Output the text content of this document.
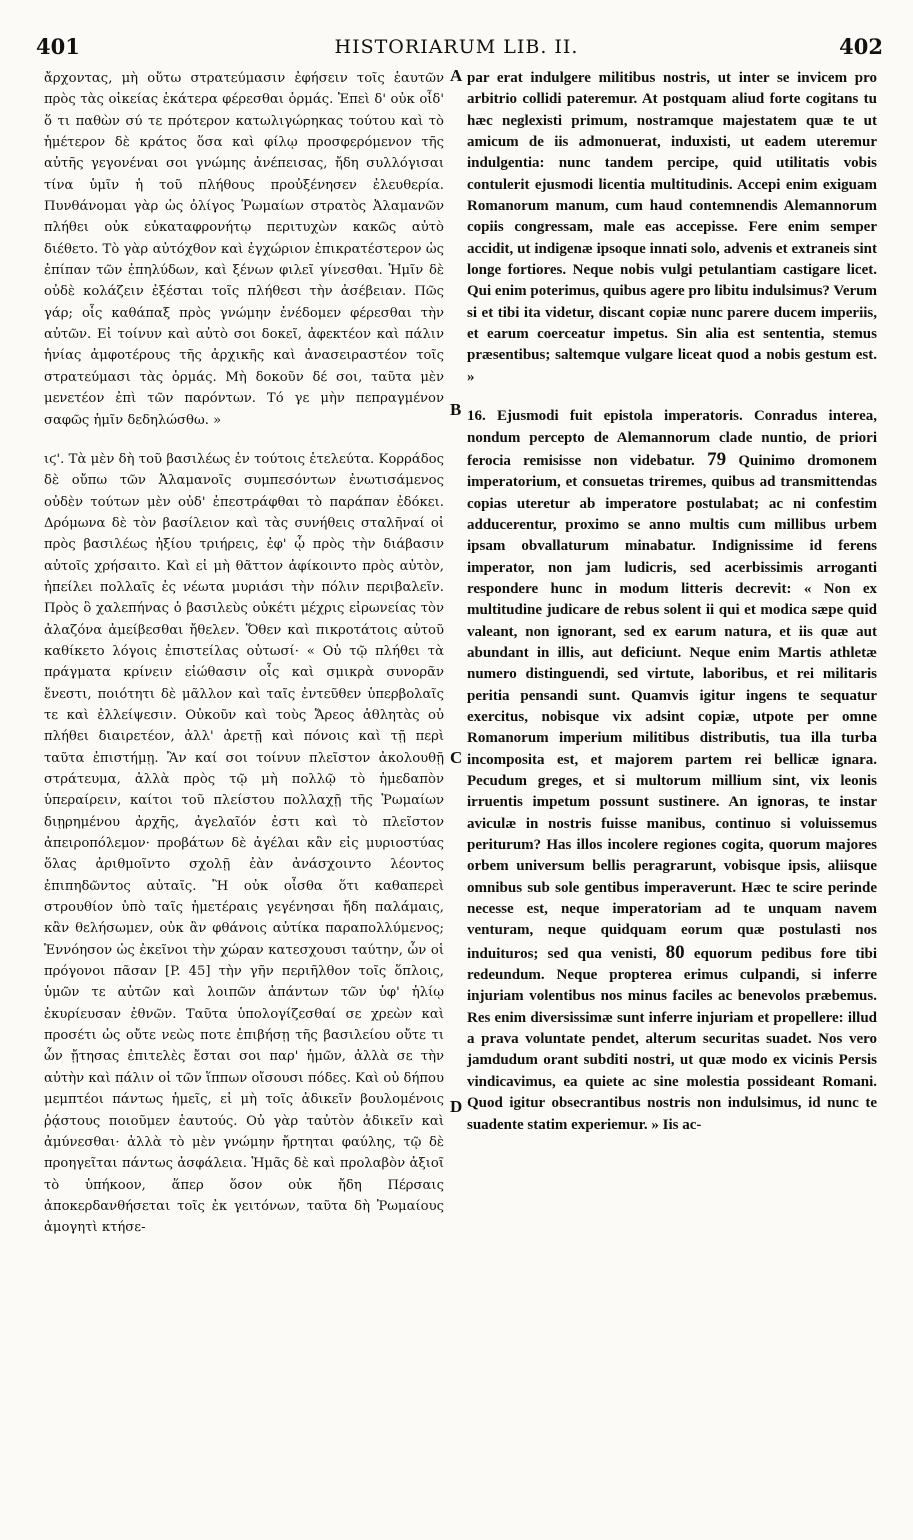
401	HISTORIARUM LIB. II.	402

ἄρχοντας, μὴ οὕτω στρατεύμασιν ἐφήσειν τοῖς ἑαυτῶν πρὸς τὰς οἰκείας ἑκάτερα φέρεσθαι ὁρμάς. Ἐπεὶ δ' οὐκ οἶδ' ὅ τι παθὼν σύ τε πρότερον κατωλιγώρηκας τούτου καὶ τὸ ἡμέτερον δὲ κράτος ὅσα καὶ φίλῳ προσφερόμενον τῆς αὐτῆς γεγονέναι σοι γνώμης ἀνέπεισας, ἤδη συλλόγισαι τίνα ὑμῖν ἡ τοῦ πλήθους προὐξένησεν ἐλευθερία. Πυνθάνομαι γὰρ ὡς ὀλίγος Ῥωμαίων στρατὸς Ἀλαμανῶν πλήθει οὐκ εὐκαταφρονήτῳ περιτυχὼν κακῶς αὐτὸ διέθετο. Τὸ γὰρ αὐτόχθον καὶ ἐγχώριον ἐπικρατέστερον ὡς ἐπίπαν τῶν ἐπηλύδων, καὶ ξένων φιλεῖ γίνεσθαι. Ἡμῖν δὲ οὐδὲ κολάζειν ἐξέσται τοῖς πλήθεσι τὴν ἀσέβειαν. Πῶς γάρ; οἷς καθάπαξ πρὸς γνώμην ἐνέδομεν φέρεσθαι τὴν αὐτῶν. Εἰ τοίνυν καὶ αὐτὸ σοι δοκεῖ, ἀφεκτέον καὶ πάλιν ἡνίας ἀμφοτέρους τῆς ἀρχικῆς καὶ ἀνασειραστέον τοῖς στρατεύμασι τὰς ὁρμάς. Μὴ δοκοῦν δέ σοι, ταῦτα μὲν μενετέον ἐπὶ τῶν παρόντων. Τό γε μὴν πεπραγμένον σαφῶς ἡμῖν δεδηλώσθω. »

ιϛ'. Τὰ μὲν δὴ τοῦ βασιλέως ἐν τούτοις ἐτελεύτα. Κορράδος δὲ οὔπω τῶν Ἀλαμανοῖς συμπεσόντων ἐνωτισάμενος οὐδὲν τούτων μὲν οὐδ' ἐπεστράφθαι τὸ παράπαν ἐδόκει. Δρόμωνα δὲ τὸν βασίλειον καὶ τὰς συνήθεις σταλῆναί οἱ πρὸς βασιλέως ἠξίου τριήρεις, ἐφ' ᾧ πρὸς τὴν διάβασιν αὐτοῖς χρήσαιτο. Καὶ εἰ μὴ θᾶττον ἀφίκοιντο πρὸς αὐτὸν, ἠπείλει πολλαῖς ἐς νέωτα μυριάσι τὴν πόλιν περιβαλεῖν. Πρὸς ὃ χαλεπήνας ὁ βασιλεὺς οὐκέτι μέχρις εἰρωνείας τὸν ἀλαζόνα ἀμείβεσθαι ἤθελεν. Ὅθεν καὶ πικροτάτοις αὐτοῦ καθίκετο λόγοις ἐπιστείλας οὑτωσί· « Οὐ τῷ πλήθει τὰ πράγματα κρίνειν εἰώθασιν οἷς καὶ σμικρὰ συνορᾶν ἔνεστι, ποιότητι δὲ μᾶλλον καὶ ταῖς ἐντεῦθεν ὑπερβολαῖς τε καὶ ἐλλείψεσιν. Οὐκοῦν καὶ τοὺς Ἄρεος ἀθλητὰς οὐ πλήθει διαιρετέον, ἀλλ' ἀρετῇ καὶ πόνοις καὶ τῇ περὶ ταῦτα ἐπιστήμῃ. Ἂν καί σοι τοίνυν πλεῖστον ἀκολουθῇ στράτευμα, ἀλλὰ πρὸς τῷ μὴ πολλῷ τὸ ἡμεδαπὸν ὑπεραίρειν, καίτοι τοῦ πλείστου πολλαχῇ τῆς Ῥωμαίων διῃρημένου ἀρχῆς, ἀγελαῖόν ἐστι καὶ τὸ πλεῖστον ἀπειροπόλεμον· προβάτων δὲ ἀγέλαι κἂν εἰς μυριοστύας ὅλας ἀριθμοῖντο σχολῇ ἐὰν ἀνάσχοιντο λέοντος ἐπιπηδῶντος αὐταῖς. Ἢ οὐκ οἶσθα ὅτι καθαπερεὶ στρουθίον ὑπὸ ταῖς ἡμετέραις γεγένησαι ἤδη παλάμαις, κἂν θελήσωμεν, οὐκ ἂν φθάνοις αὐτίκα παραπολλύμενος; Ἐννόησον ὡς ἐκεῖνοι τὴν χώραν κατεσχουσι ταύτην, ὧν οἱ πρόγονοι πᾶσαν [P. 45] τὴν γῆν περιῆλθον τοῖς ὅπλοις, ὑμῶν τε αὐτῶν καὶ λοιπῶν ἁπάντων τῶν ὑφ' ἡλίῳ ἐκυρίευσαν ἐθνῶν. Ταῦτα ὑπολογίζεσθαί σε χρεὼν καὶ προσέτι ὡς οὔτε νεὼς ποτε ἐπιβήσῃ τῆς βασιλείου οὔτε τι ὧν ᾔτησας ἐπιτελὲς ἔσται σοι παρ' ἡμῶν, ἀλλὰ σε τὴν αὐτὴν καὶ πάλιν οἱ τῶν ἵππων οἴσουσι πόδες. Καὶ οὐ δήπου μεμπτέοι πάντως ἡμεῖς, εἰ μὴ τοῖς ἀδικεῖν βουλομένοις ῥᾴστους ποιοῦμεν ἑαυτούς. Οὐ γὰρ ταὐτὸν ἀδικεῖν καὶ ἀμύνεσθαι· ἀλλὰ τὸ μὲν γνώμην ἤρτηται φαύλης, τῷ δὲ προηγεῖται πάντως ἀσφάλεια. Ἡμᾶς δὲ καὶ προλαβὸν ἀξιοῖ τὸ ὑπήκοον, ἅπερ ὅσον οὐκ ἤδη Πέρσαις ἀποκερδανθήσεται τοῖς ἐκ γειτόνων, ταῦτα δὴ Ῥωμαίους ἀμογητὶ κτήσε-

A
B
C
D

par erat indulgere militibus nostris, ut inter se invicem pro arbitrio collidi pateremur. At postquam aliud forte cogitans tu hæc neglexisti primum, nostramque majestatem quæ te ut amicum de iis admonuerat, induxisti, ut eadem uteremur indulgentia: nunc tandem percipe, quid utilitatis vobis contulerit ejusmodi licentia multitudinis. Accepi enim exiguam Romanorum manum, cum haud contemnendis Alemannorum copiis congressam, male eas accepisse. Fere enim semper accidit, ut indigenæ ipsoque innati solo, advenis et extraneis sint longe fortiores. Neque nobis vulgi petulantiam castigare licet. Qui enim poterimus, quibus agere pro libitu indulsimus? Verum si et tibi ita videtur, discant copiæ nunc parere ducem imperiis, et earum coerceatur impetus. Sin alia est sententia, stemus præsentibus; saltemque vulgare liceat quod a nobis gestum est. »

16. Ejusmodi fuit epistola imperatoris. Conradus interea, nondum percepto de Alemannorum clade nuntio, de priori ferocia remisisse non videbatur. 79 Quinimo dromonem imperatorium, et consuetas triremes, quibus ad transmittendas copias uteretur ab imperatore postulabat; ac ni confestim adducerentur, proximo se anno multis cum millibus urbem ipsam obvallaturum minabatur. Indignissime id ferens imperator, non jam ludicris, sed acerbissimis arroganti respondere hunc in modum litteris decrevit: « Non ex multitudine judicare de rebus solent ii qui et modica sæpe quid valeant, non ignorant, sed ex earum natura, et iis quæ aut abundant in illis, aut deficiunt. Neque enim Martis athletæ numero distinguendi, sed virtute, laboribus, et rei militaris peritia pensandi sunt. Quamvis igitur ingens te sequatur exercitus, nobisque vix adsint copiæ, utpote per omne Romanorum imperium militibus distributis, tua illa turba incomposita est, et majorem partem rei bellicæ ignara. Pecudum greges, et si multorum millium sint, vix leonis irruentis impetum possunt sustinere. An ignoras, te instar aviculæ in nostris fuisse manibus, continuo si voluissemus periturum? Has illos incolere regiones cogita, quorum majores orbem universum bellis peragrarunt, vobisque ipsis, aliisque omnibus sub sole gentibus imperaverunt. Hæc te scire perinde necesse est, neque imperatoriam ad te unquam navem venturam, neque quidquam eorum quæ postulasti nos induituros; sed qua venisti, 80 equorum pedibus fore tibi redeundum. Neque propterea erimus culpandi, si inferre injuriam volentibus nos minus faciles ac benevolos præbemus. Res enim diversissimæ sunt inferre injuriam et propellere: illud a prava voluntate pendet, alterum securitas suadet. Nos vero jamdudum orant subditi nostri, ut quæ modo ex vicinis Persis vindicavimus, ea quiete ac sine molestia possideant Romani. Quod igitur obsecrantibus nostris non indulsimus, id nunc te suadente statim experiemur. » Iis ac-
